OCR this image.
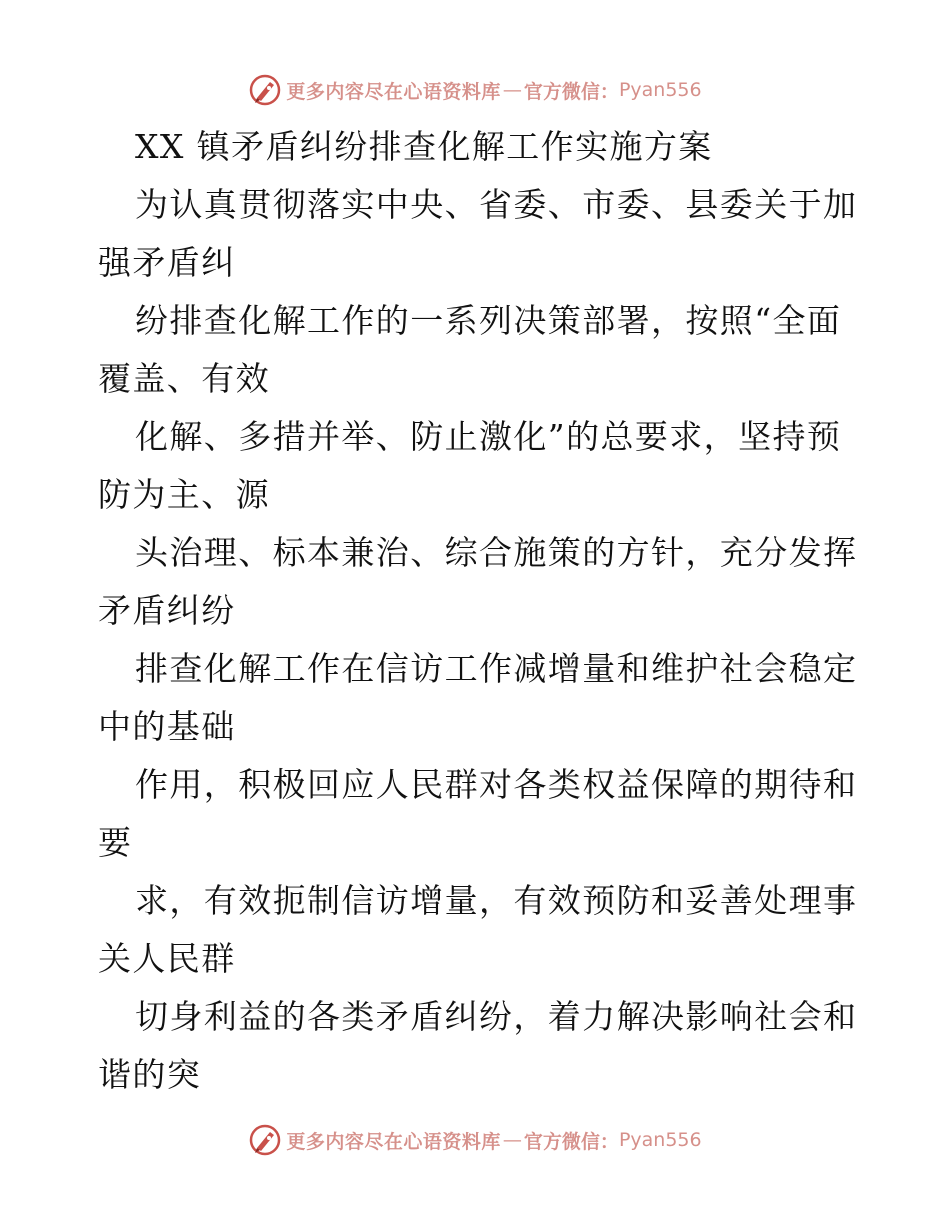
更多内容尽在心语资料库 — 官方微信： Pyan556

XX 镇矛盾纠纷排查化解工作实施方案

为认真贯彻落实中央、省委、市委、县委关于加

强矛盾纠

纷排查化解工作的一系列决策部署，按照“全面

覆盖、有效

化解、多措并举、防止激化”的总要求，坚持预

防为主、源

头治理、标本兼治、综合施策的方针，充分发挥

矛盾纠纷

排查化解工作在信访工作减增量和维护社会稳定

中的基础

作用，积极回应人民群对各类权益保障的期待和

要

求，有效扼制信访增量，有效预防和妥善处理事

关人民群

切身利益的各类矛盾纠纷，着力解决影响社会和

谐的突

更多内容尽在心语资料库 — 官方微信： Pyan556
